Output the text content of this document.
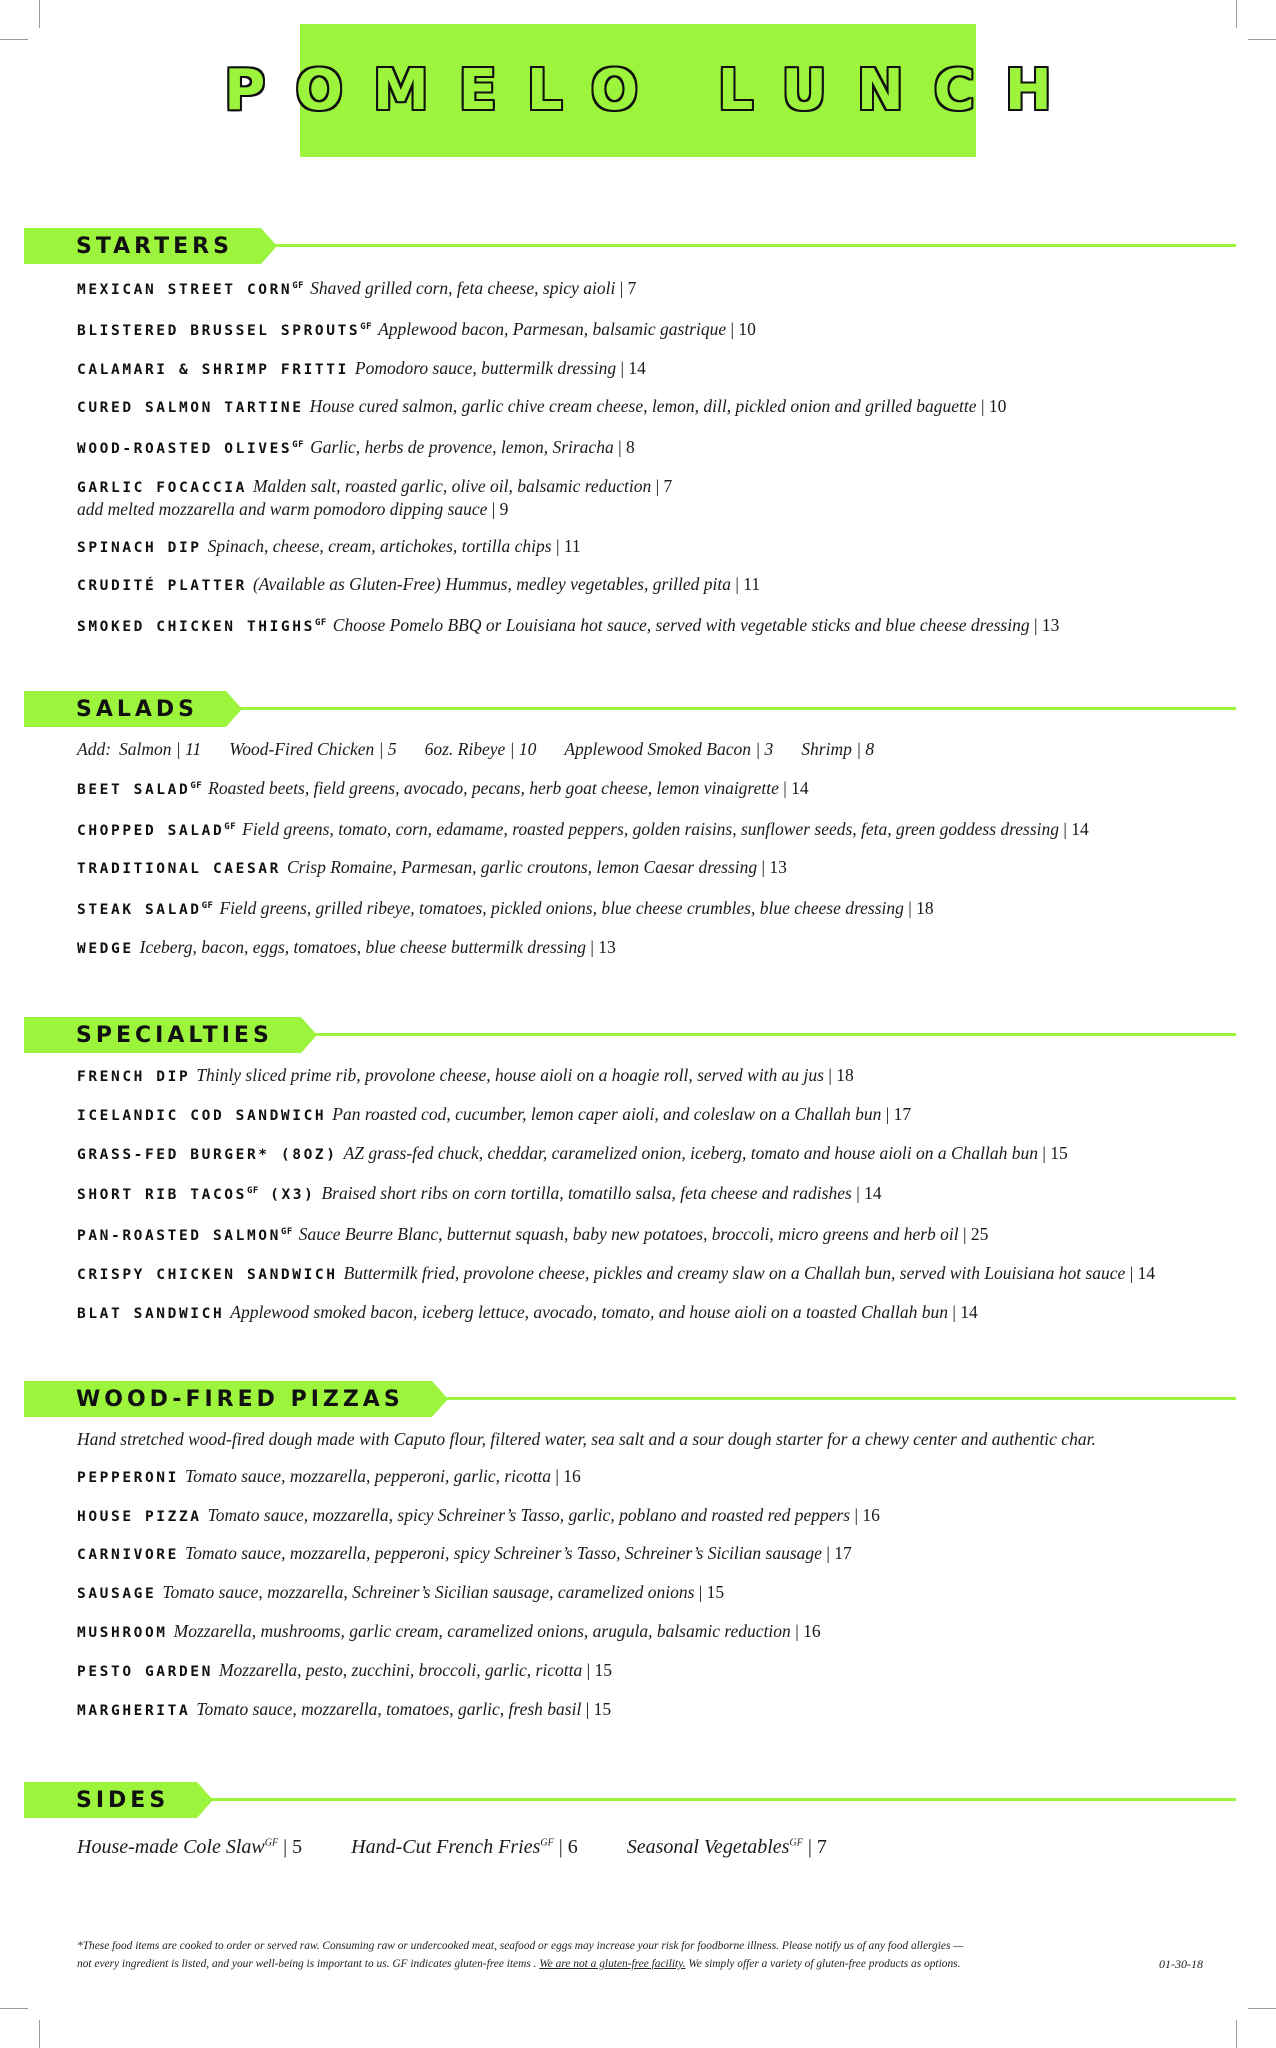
POMELO LUNCH
STARTERS
MEXICAN STREET $CORN^{GF}$ Shaved grilled corn, feta cheese, spicy aioli | 7
BLISTERED BRUSSEL $SPROUTS^{GF}$ Applewood bacon, Parmesan, balsamic gastrique | 10
CALAMARI & SHRIMP FRITTI Pomodoro sauce, buttermilk dressing | 14
CURED SALMON TARTINE House cured salmon, garlic chive cream cheese, lemon, dill, pickled onion and grilled baguette | 10
WOOD-ROASTED $OLIVES^{GF}$ Garlic, herbs de provence, lemon, Sriracha | 8
GARLIC FOCACCIA Malden salt, roasted garlic, olive oil, balsamic reduction | 7
add melted mozzarella and warm pomodoro dipping sauce | 9
SPINACH DIP Spinach, cheese, cream, artichokes, tortilla chips | 11
CRUDITÉ PLATTER (Available as Gluten-Free) Hummus, medley vegetables, grilled pita | 11
SMOKED CHICKEN $THIGHS^{GF}$ Choose Pomelo BBQ or Louisiana hot sauce, served with vegetable sticks and blue cheese dressing | 13
SALADS
Add: Salmon | 11 Wood-Fired Chicken | 5 6oz. Ribeye | 10 Applewood Smoked Bacon | 3 Shrimp | 8
BEET $SALAD^{GF}$ Roasted beets, field greens, avocado, pecans, herb goat cheese, lemon vinaigrette | 14
CHOPPED $SALAD^{GF}$ Field greens, tomato, corn, edamame, roasted peppers, golden raisins, sunflower seeds, feta, green goddess dressing | 14
TRADITIONAL CAESAR Crisp Romaine, Parmesan, garlic croutons, lemon Caesar dressing | 13
STEAK $SALAD^{GF}$ Field greens, grilled ribeye, tomatoes, pickled onions, blue cheese crumbles, blue cheese dressing | 18
WEDGE Iceberg, bacon, eggs, tomatoes, blue cheese buttermilk dressing | 13
SPECIALTIES
FRENCH DIP Thinly sliced prime rib, provolone cheese, house aioli on a hoagie roll, served with au jus | 18
ICELANDIC COD SANDWICH Pan roasted cod, cucumber, lemon caper aioli, and coleslaw on a Challah bun | 17
GRASS-FED BURGER* (8OZ) AZ grass-fed chuck, cheddar, caramelized onion, iceberg, tomato and house aioli on a Challah bun | 15
SHORT RIB $TACOS^{GF}$ (X3) Braised short ribs on corn tortilla, tomatillo salsa, feta cheese and radishes | 14
PAN-ROASTED $SALMON^{GF}$ Sauce Beurre Blanc, butternut squash, baby new potatoes, broccoli, micro greens and herb oil | 25
CRISPY CHICKEN SANDWICH Buttermilk fried, provolone cheese, pickles and creamy slaw on a Challah bun, served with Louisiana hot sauce | 14
BLAT SANDWICH Applewood smoked bacon, iceberg lettuce, avocado, tomato, and house aioli on a toasted Challah bun | 14
WOOD-FIRED PIZZAS
Hand stretched wood-fired dough made with Caputo flour, filtered water, sea salt and a sour dough starter for a chewy center and authentic char.
PEPPERONI Tomato sauce, mozzarella, pepperoni, garlic, ricotta | 16
HOUSE PIZZA Tomato sauce, mozzarella, spicy Schreiner’s Tasso, garlic, poblano and roasted red peppers | 16
CARNIVORE Tomato sauce, mozzarella, pepperoni, spicy Schreiner’s Tasso, Schreiner’s Sicilian sausage | 17
SAUSAGE Tomato sauce, mozzarella, Schreiner’s Sicilian sausage, caramelized onions | 15
MUSHROOM Mozzarella, mushrooms, garlic cream, caramelized onions, arugula, balsamic reduction | 16
PESTO GARDEN Mozzarella, pesto, zucchini, broccoli, garlic, ricotta | 15
MARGHERITA Tomato sauce, mozzarella, tomatoes, garlic, fresh basil | 15
SIDES
House-made Cole Slaw$^{GF}$ | 5 Hand-Cut French Fries$^{GF}$ | 6 Seasonal Vegetables$^{GF}$ | 7
*These food items are cooked to order or served raw. Consuming raw or undercooked meat, seafood or eggs may increase your risk for foodborne illness. Please notify us of any food allergies —
not every ingredient is listed, and your well-being is important to us. GF indicates gluten-free items . We are not a gluten-free facility. We simply offer a variety of gluten-free products as options.	01-30-18
